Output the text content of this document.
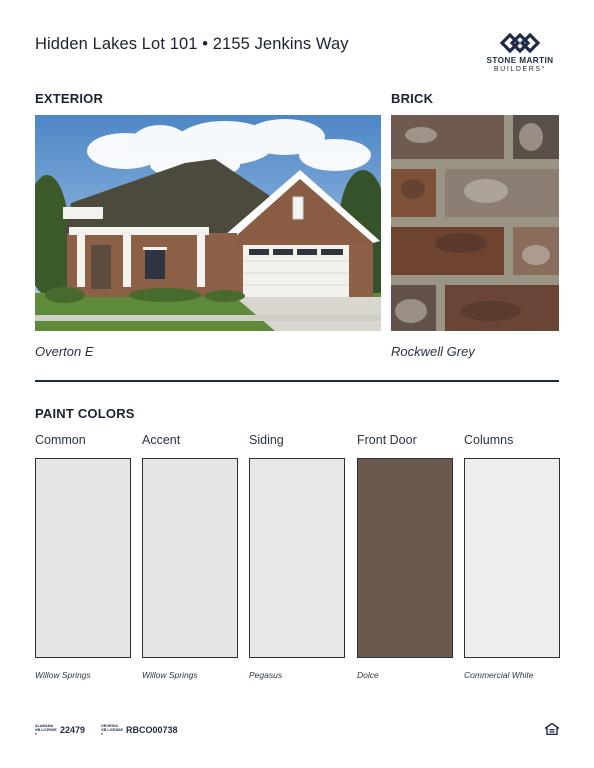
Hidden Lakes Lot 101 • 2155 Jenkins Way
STONE MARTIN
BUILDERS°
EXTERIOR	BRICK
Overton E	Rockwell Grey
PAINT COLORS
Common	Accent	Siding	Front Door	Columns
Willow Springs	Willow Springs	Pegasus	Dolce	Commercial White
ALABAMA HB LICENSE #	22479	GEORGIA GB LICENSE #	RBCO00738
